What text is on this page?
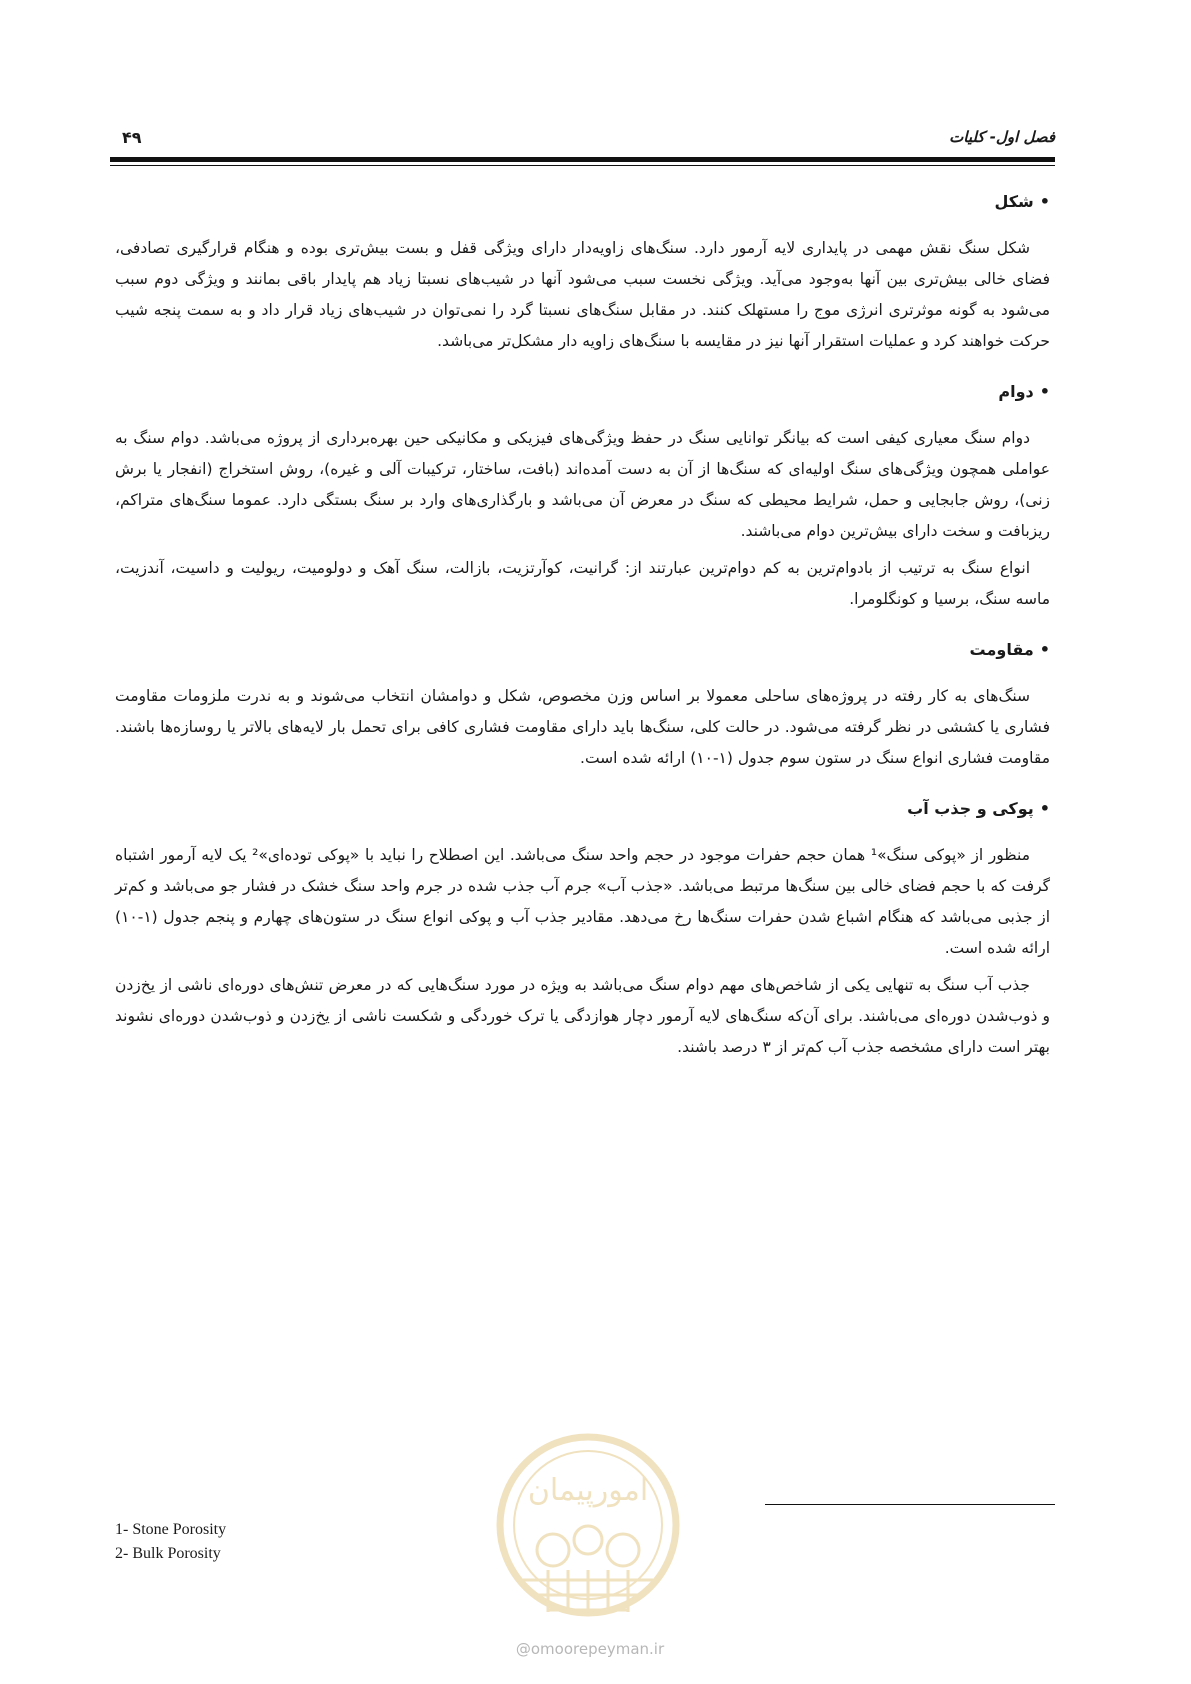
فصل اول- کلیات
۴۹
•شکل

شکل سنگ نقش مهمی در پایداری لایه آرمور دارد. سنگ‌های زاویه‌دار دارای ویژگی قفل و بست بیش‌تری بوده و هنگام قرارگیری تصادفی، فضای خالی بیش‌تری بین آنها به‌وجود می‌آید. ویژگی نخست سبب می‌شود آنها در شیب‌های نسبتا زیاد هم پایدار باقی بمانند و ویژگی دوم سبب می‌شود به گونه موثرتری انرژی موج را مستهلک کنند. در مقابل سنگ‌های نسبتا گرد را نمی‌توان در شیب‌های زیاد قرار داد و به سمت پنجه شیب حرکت خواهند کرد و عملیات استقرار آنها نیز در مقایسه با سنگ‌های زاویه دار مشکل‌تر می‌باشد.

•دوام

دوام سنگ معیاری کیفی است که بیانگر توانایی سنگ در حفظ ویژگی‌های فیزیکی و مکانیکی حین بهره‌برداری از پروژه می‌باشد. دوام سنگ به عواملی همچون ویژگی‌های سنگ اولیه‌ای که سنگ‌ها از آن به دست آمده‌اند (بافت، ساختار، ترکیبات آلی و غیره)، روش استخراج (انفجار یا برش زنی)، روش جابجایی و حمل، شرایط محیطی که سنگ در معرض آن می‌باشد و بارگذاری‌های وارد بر سنگ بستگی دارد. عموما سنگ‌های متراکم، ریزبافت و سخت دارای بیش‌ترین دوام می‌باشند.

انواع سنگ به ترتیب از بادوام‌ترین به کم دوام‌ترین عبارتند از: گرانیت، کوآرتزیت، بازالت، سنگ آهک و دولومیت، ریولیت و داسیت، آندزیت، ماسه سنگ، برسیا و کونگلومرا.

•مقاومت

سنگ‌های به کار رفته در پروژه‌های ساحلی معمولا بر اساس وزن مخصوص، شکل و دوامشان انتخاب می‌شوند و به ندرت ملزومات مقاومت فشاری یا کششی در نظر گرفته می‌شود. در حالت کلی، سنگ‌ها باید دارای مقاومت فشاری کافی برای تحمل بار لایه‌های بالاتر یا روسازه‌ها باشند. مقاومت فشاری انواع سنگ در ستون سوم جدول (۱-۱۰) ارائه شده است.

•پوکی و جذب آب

منظور از «پوکی سنگ»¹ همان حجم حفرات موجود در حجم واحد سنگ می‌باشد. این اصطلاح را نباید با «پوکی توده‌ای»² یک لایه آرمور اشتباه گرفت که با حجم فضای خالی بین سنگ‌ها مرتبط می‌باشد. «جذب آب» جرم آب جذب شده در جرم واحد سنگ خشک در فشار جو می‌باشد و کم‌تر از جذبی می‌باشد که هنگام اشباع شدن حفرات سنگ‌ها رخ می‌دهد. مقادیر جذب آب و پوکی انواع سنگ در ستون‌های چهارم و پنجم جدول (۱-۱۰) ارائه شده است.

جذب آب سنگ به تنهایی یکی از شاخص‌های مهم دوام سنگ می‌باشد به ویژه در مورد سنگ‌هایی که در معرض تنش‌های دوره‌ای ناشی از یخ‌زدن و ذوب‌شدن دوره‌ای می‌باشند. برای آن‌که سنگ‌های لایه آرمور دچار هوازدگی یا ترک خوردگی و شکست ناشی از یخ‌زدن و ذوب‌شدن دوره‌ای نشوند بهتر است دارای مشخصه جذب آب کم‌تر از ۳ درصد باشند.

امورپیمان
@omoorepeyman.ir
1- Stone Porosity
2- Bulk Porosity
